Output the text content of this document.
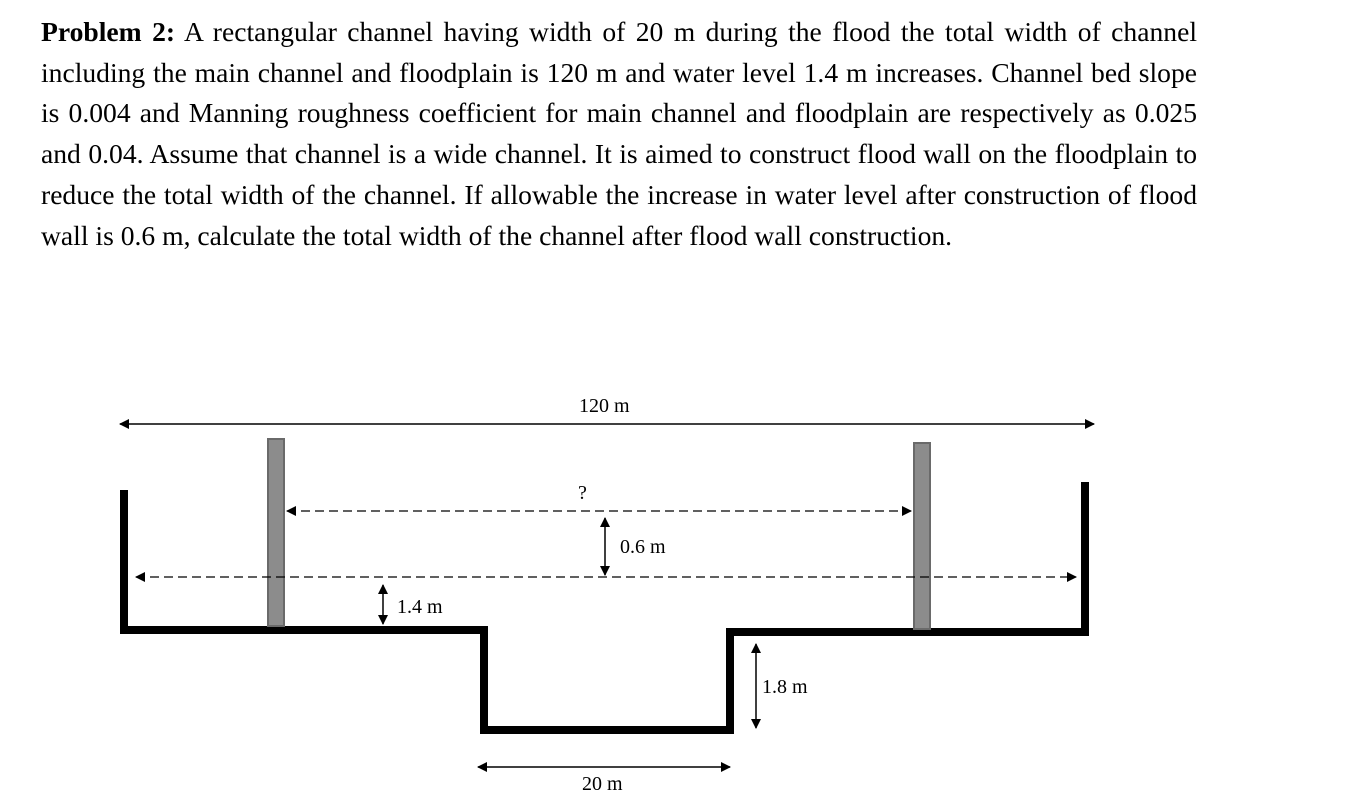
Problem 2: A rectangular channel having width of 20 m during the flood the total width of channel including the main channel and floodplain is 120 m and water level 1.4 m increases. Channel bed slope is 0.004 and Manning roughness coefficient for main channel and floodplain are respectively as 0.025 and 0.04. Assume that channel is a wide channel. It is aimed to construct flood wall on the floodplain to reduce the total width of the channel. If allowable the increase in water level after construction of flood wall is 0.6 m, calculate the total width of the channel after flood wall construction.

120 m
?
0.6 m
1.4 m
1.8 m
20 m
